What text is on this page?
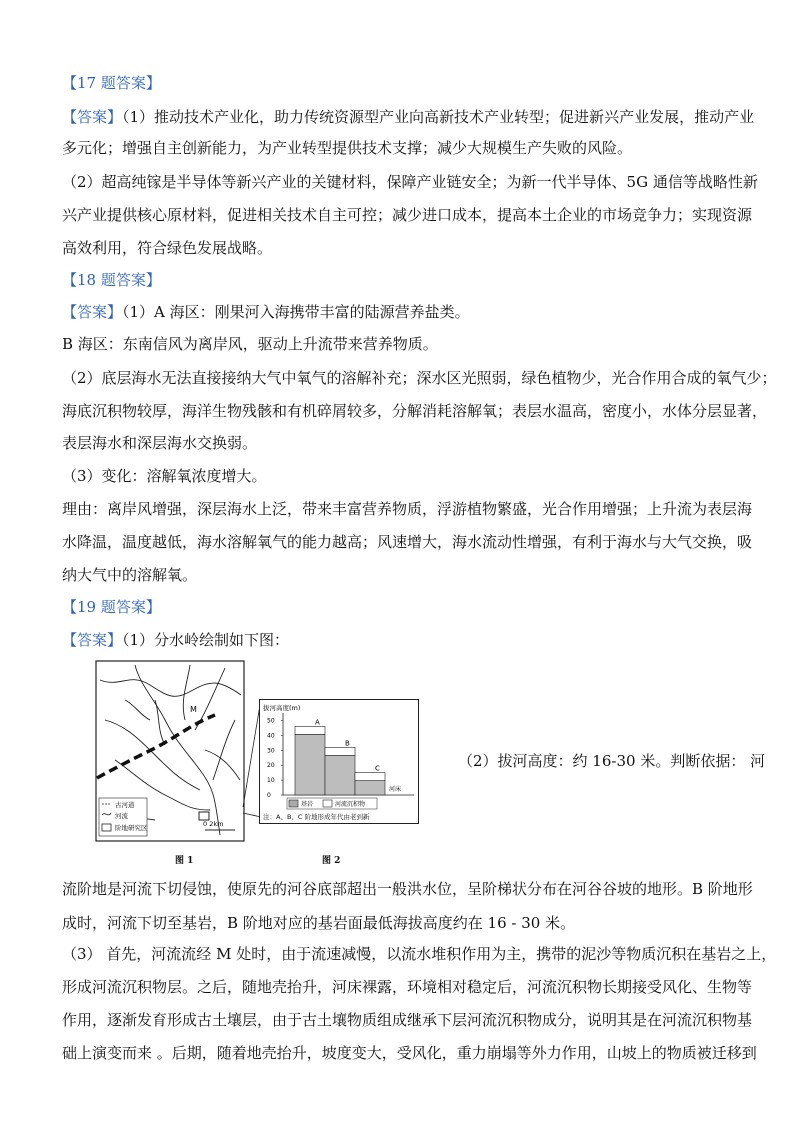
【17 题答案】
【答案】（1）推动技术产业化，助力传统资源型产业向高新技术产业转型；促进新兴产业发展，推动产业
多元化；增强自主创新能力，为产业转型提供技术支撑；减少大规模生产失败的风险。
（2）超高纯镓是半导体等新兴产业的关键材料，保障产业链安全；为新一代半导体、5G 通信等战略性新
兴产业提供核心原材料，促进相关技术自主可控；减少进口成本，提高本土企业的市场竞争力；实现资源
高效利用，符合绿色发展战略。
【18 题答案】
【答案】（1）A 海区：刚果河入海携带丰富的陆源营养盐类。
B 海区：东南信风为离岸风，驱动上升流带来营养物质。
（2）底层海水无法直接接纳大气中氧气的溶解补充；深水区光照弱，绿色植物少，光合作用合成的氧气少；
海底沉积物较厚，海洋生物残骸和有机碎屑较多，分解消耗溶解氧；表层水温高，密度小，水体分层显著，
表层海水和深层海水交换弱。
（3）变化：溶解氧浓度增大。
理由：离岸风增强，深层海水上泛，带来丰富营养物质，浮游植物繁盛，光合作用增强；上升流为表层海
水降温，温度越低，海水溶解氧气的能力越高；风速增大，海水流动性增强，有利于海水与大气交换，吸
纳大气中的溶解氧。
【19 题答案】
【答案】（1）分水岭绘制如下图：
M
古河道
河流
阶地研究区	0 2km
图 1
拔河高度(m)
50
40
30
20
10
0
A
B
C
河床
基岩	河流沉积物
注：A、B、C 阶地形成年代由老到新
图 2
（2）拔河高度：约 16-30 米。判断依据： 河
流阶地是河流下切侵蚀，使原先的河谷底部超出一般洪水位，呈阶梯状分布在河谷谷坡的地形。B 阶地形
成时，河流下切至基岩，B 阶地对应的基岩面最低海拔高度约在 16 - 30 米。
（3） 首先，河流流经 M 处时，由于流速减慢，以流水堆积作用为主，携带的泥沙等物质沉积在基岩之上，
形成河流沉积物层。之后，随地壳抬升，河床裸露，环境相对稳定后，河流沉积物长期接受风化、生物等
作用，逐渐发育形成古土壤层，由于古土壤物质组成继承下层河流沉积物成分，说明其是在河流沉积物基
础上演变而来 。后期，随着地壳抬升，坡度变大，受风化，重力崩塌等外力作用，山坡上的物质被迁移到
